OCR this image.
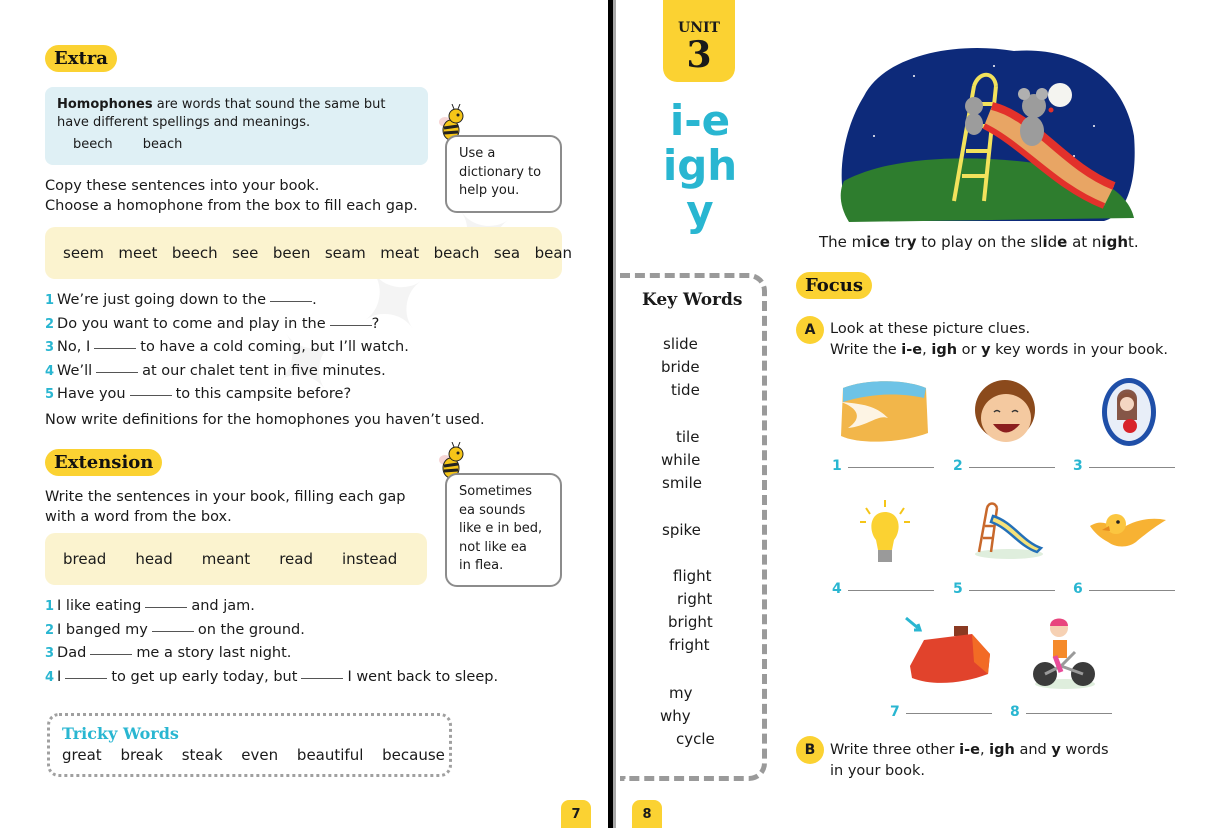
Extra
Homophones are words that sound the same but have different spellings and meanings.
beech beach
Use a dictionary to help you.
Copy these sentences into your book.
Choose a homophone from the box to fill each gap.
seem meet beech see been seam meat beach sea bean
1 We’re just going down to the	.
2 Do you want to come and play in the	?
3 No, I	to have a cold coming, but I’ll watch.
4 We’ll	at our chalet tent in five minutes.
5 Have you	to this campsite before?
Now write definitions for the homophones you haven’t used.
Extension
Sometimes
ea sounds
like e in bed,
not like ea
in flea.
Write the sentences in your book, filling each gap
with a word from the box.
bread head meant read instead
1 I like eating	and jam.
2 I banged my	on the ground.
3 Dad	me a story last night.
4 I	to get up early today, but	I went back to sleep.
Tricky Words
great break steak even beautiful because
7
UNIT
3
i-e
igh
y
Key Words
slide
bride
tide
tile
while
smile
spike
flight
right
bright
fright
my
why
cycle
The mice try to play on the slide at night.
Focus
A	Look at these picture clues.
Write the i-e, igh or y key words in your book.
1	2	3
4	5	6
7	8
B	Write three other i-e, igh and y words
in your book.
8
